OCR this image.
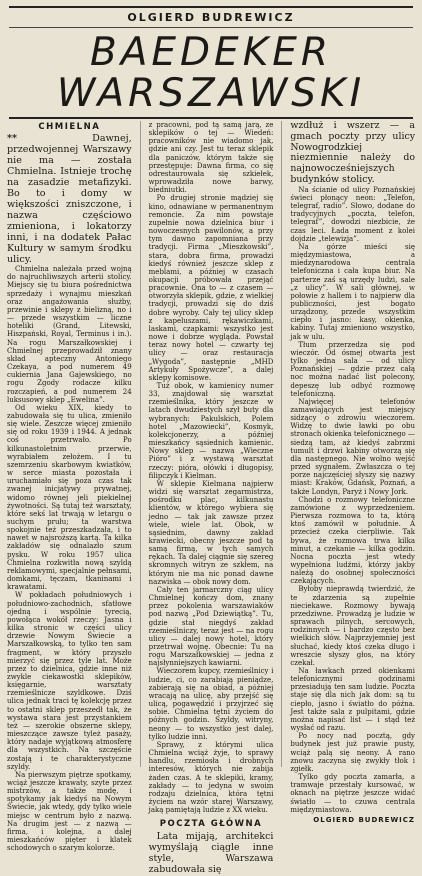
OLGIERD BUDREWICZ
BAEDEKER
WARSZAWSKI
CHMIELNA

**	Dawnej, przedwojennej Warszawy nie ma — została Chmielna. Istnieje trochę na zasadzie metafizyki. Bo to i domy w większości zniszczone, i nazwa częściowo zmieniona, i lokatorzy inni, i na dodatek Pałac Kultury w samym środku ulicy.

Chmielna należała przed wojną do najruchliwszych arterii stolicy. Miejscy się tu biura pośrednictwa sprzedaży i wynajmu mieszkań oraz angażowania służby, przewinie i sklepy z bielizną, no i — przede wszystkim — liczne hoteliki (Grand, Litewski, Hiszpański, Royal, Terminus i in.). Na rogu Marszałkowskiej i Chmielnej przeprowadził znany skład apteczny Antoniego Czekaya, a pod numerem 49 cukiernia Jana Gajewskiego, no rogu Zgody rodacze kilku rozczapień, a pod numerem 24 luksusowy sklep „Ewelina”.

Od wieku XIX, kiedy to zabudowała się tu ulica, zmieniło się wiele. Zeszcze więcej zmieniło się od roku 1939 i 1944. A jednak coś przetrwało. Po kilkunastoletnim przerwie, wyrabiałem zełożem. I tu szemrzeniu skarbowym kwiatków, w serce miasta pozostała i uruchamiało się poza czas tak zwanej inicjatywy prywatnej, widomo równej jeli piekielnej żywotności. Są tutaj też warsztaty, które sekś lat trwają w letargu o suchym prułu; ta warstwa spokojnie też przeszkadzała, i to nawet w najsroższą kartą. Ta kilka zakładów się odnalazło szum pysku. W roku 1957 ulica Chmielna rozkwitła nową szyldą reklamowymi, specjalnie pełnsami, domkami, tęczam, tkaninami i krawatami.

W pokładach południowych i południowo-zachodnich, sfatłowe ojedną i wspólnie tyrecią, powołąca wokół rzeczy: Jasna i kilka stronic w części ulicy drzewie Nowym Świecie a Marszałkowską, to tylko ten sam fragment, w który przyszło mierzyć się przez tyle lat. Może przez to dzielnica, gdzie inne niż zwykle ciekawostki sklepików, księgarnie, warsztaty rzemieślnicze szyldkowe. Dziś ulica jednak traci tę kolekcję przez to ostatni sklep przeszedł tak, że wystawa stara jest przystankiem też — szerokie obszerne sklepy, mieszczące zawsze tyleż pasaży, który nadaje wyjątkową atmosferę dla wszystkich. Na szczęście zostają i te charakterystyczne szyldy.

Na pierwszym piętrze spotkamy, wciąż jeszcze krawaty, szyte przez mistrzów, a także modę, i spotykamy jak kiedyś na Nowym Świecie, jak wtedy, gdy tylko wiele miejsc w centrum było z nazwą. Na drugim jest — z nazwą — firma, i kolejna, a dalej mieszkańców pięter i klatek schodowych o szarym kolorze.

z pracowni, pod tą samą jarą, ze sklepików o tej — Wiedeń: pracowników nie wiadomo jak, gdzie ani czy. Jest tu teraz sklepik dla paniczów, którym także się przestępuje: Dawna firma, co się odrestaurowała się szkiełek, wprowadziła nowe barwy, biedniutki.

Po drugiej stronie mądziej się kino, odnawiane w permanentnym remoncie. Za nim powstaje zupełnie nowa dzielnica biur i nowoczesnych pawilonów, a przy tym dawno zapomniana przy tradycji. Firma „Mieszkowski”, stara, dobra firma, prowadzi kiedyś również jeszcze sklep z meblami, a później w czasach okupacji próbowała przejąć pracownie. Ona to — z czasem — otworzyła sklepik, gdzie, z wielkiej tradycji, prowadzi się do dziś dobre wyroby. Cały tej ulicy sklep z kapeluszami, rękawiczkami, laskami, czapkami: wszystko jest nowe i dobrze wygląda. Powstał teraz nowy hotel — czwarty tej ulicy — oraz restauracja „Wygoda”, następnie „MHD Artykuły Spożywcze”, a dalej sklepy komisowe.

Tuż obok, w kamienicy numer 33, znajdował się warsztat rzemieślnika, który jeszcze w latach dwudziestych szył buty dla wybranych: Pakulskich, Polem hotel „Mazowiecki”, Kosmyk, kolekcjonerzy, a później mieszkańcy sąsiednich kamienic. Nowy sklep — nazwa „Wieczne Pióro” i z wystawą warsztat rzeczy: pióra, ołówki i długopisy, filipczyk i Kielman.

W sklepie Kielmana najpierw widzi się warsztat zegarmistrza, pośrodku plac, kilkunastu klientów, w którego wybiera się jedno — tak jak zawsze przez wiele, wiele lat. Obok, w sąsiednim, dawny zakład krawiecki, obecny jeszcze pod tą samą firmą, w tych samych rękach. Ta dalej ciągnie się szereg skromnych witryn ze szkłem, na którym nie ma nic ponad dawne nazwiska — obok nowy dom.

Cały ten jarmarczny ciąg ulicy Chmielnej kończy dom, znany przez pokolenia warszawiaków pod nazwą „Pod Dziewiątką”. Tu, gdzie stał niegdyś zakład rzemieślniczy, teraz jest — na rogu ulicy — dalej nowy hotel, który przetrwał wojnę. Obecnie: Tu na rogu Marszałkowskiej — jedna z najsłynniejszych kawiarni.

Wieczorem kupcy, rzemieślnicy i ludzie, ci, co zarabiają pieniądze, zabierają się na obiad, a później wracają na ulicę, aby przejść się ulicą, pogawędzić i przyjrzeć się sobie. Chmielna tętni życiem do późnych godzin. Szyldy, witryny, neony — to wszystko jest dalej, tylko ludzie inni.

Sprawy, z którymi ulica Chmielna wciąż żyje, to sprawy handlu, rzemiosła i drobnych interesów, których nie zabija żaden czas. A te sklepiki, kramy, zakłady — to jedyna w swoim rodzaju dzielnica, która tętni życiem na wzór starej Warszawy, jaką pamiętają ludzie z XX wieku.

POCZTA GŁÓWNA

Lata mijają, architekci wymyślają ciągle inne style, Warszawa zabudowała się

wzdłuż i wszerz — a gmach poczty przy ulicy Nowogrodzkiej niezmiennie należy do najnowocześniejszych budynków stolicy.

Na ścianie od ulicy Poznańskiej świeci płonący neon: „Telefon, telegraf, radio”. Słowo, dodane do tradycyjnych „poczta, telefon, telegraf”, dowodzi niezbicie, że czas leci. Łada moment z kolei dojdzie „telewizja”.

Na górze mieści się międzymiastowa, a miedzynarodowa centrala telefoniczna i cała kupa biur. Na parterze zaś są urzędy ludzi, sale „z ulicy”. W sali głównej, w połowie z hallem i to najpierw dla publiczności, jest bogato urządzony, przede wszystkim ciepło i jasno: kasy, okienka, kabiny. Tutaj zmieniono wszystko, jak w ulu.

Tłum przerzedza się pod wieczór. Od ósmej otwarta jest tylko jedna sala — od ulicy Poznańskiej — gdzie przez całą noc można nadać list polecony, depeszę lub odbyć rozmowę telefoniczną.

Najwięcej telefonów zamawiających jest miejscy sidzący o zdrowiu wieczorem. Widzę to dwie ławki po obu stronach okienka telefonicznego — siedzą tam, aż kiedyś zabrzmi tumult i drzwi kabiny otworzą się dla następnego. Nie wolno wejść przed sygnałem. Zwłaszcza o tej porze najczęściej słyszy się nazwy miast: Kraków, Gdańsk, Poznań, a także Londyn, Paryż i Nowy Jork.

Chodzi o rozmowy telefoniczne zamówione z wyprzedzeniem. Pierwsza rozmowa to ta, którą ktoś zamówił w południe. A przecież czeka cierpliwie. Tak bywa, że rozmowa trwa kilka minut, a czekanie — kilka godzin. Nocna poczta jest wtedy wypełniona ludźmi, którzy jakby należą do osobnej społeczności czekających.

Byłoby nieprawdą twierdzić, że te zdarzenia są zupełnie nieciekawe. Rozmowy bywają przedziwne. Prowadzą je ludzie w sprawach pilnych, sercowych, rodzinnych — i bardzo często bez wielkich słów. Najprzyjemniej jest słuchać, kiedy ktoś czeka długo i wreszcie słyszy głos, na który czekał.

Na ławkach przed okienkami telefonicznymi godzinami przesiadują ten sam ludzie. Poczta staje się dla nich jak dom: są tu ciepło, jasno i światło do późna. Jest także sala z pulpitami, gdzie można napisać list — i stąd też wysłać od razu.

Po nocy nad pocztą, gdy budynek jest już prawie pusty, wciąż palą się neony. A rano znowu zaczyna się zwykły tłok i zgiełk.

Tylko gdy poczta zamarła, a tramwaje przestały kursować, w oknach na piętrze jeszcze widać światło — to czuwa centrala międzymiastowa.

OLGIERD BUDREWICZ
